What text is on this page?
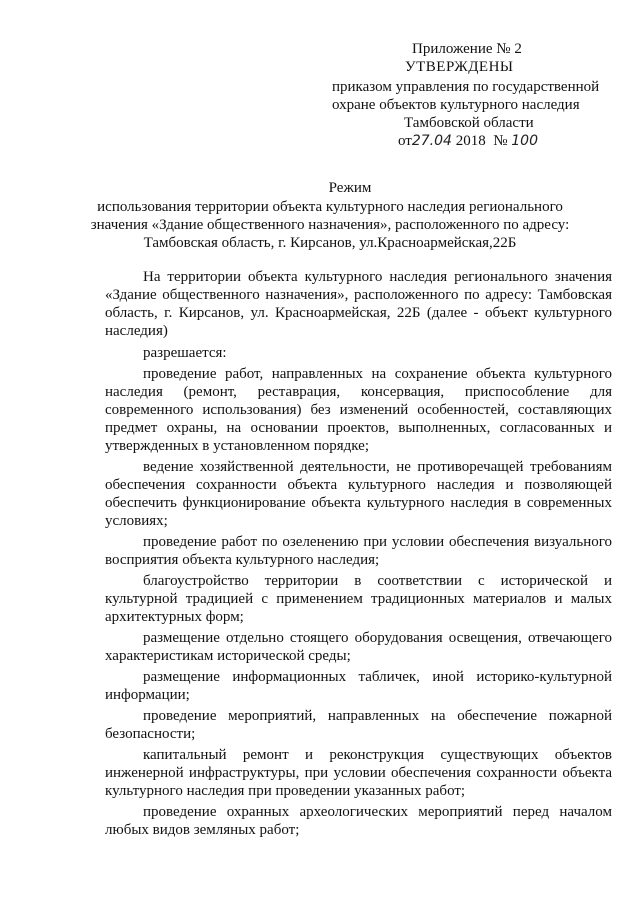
Приложение № 2
УТВЕРЖДЕНЫ
приказом управления по государственной
охране объектов культурного наследия
Тамбовской области
от27.04 2018 № 100
Режим
использования территории объекта культурного наследия регионального
значения «Здание общественного назначения», расположенного по адресу:
Тамбовская область, г. Кирсанов, ул.Красноармейская,22Б
На территории объекта культурного наследия регионального значения
«Здание общественного назначения», расположенного по адресу: Тамбовская
область, г. Кирсанов, ул. Красноармейская, 22Б (далее - объект культурного
наследия)
разрешается:
проведение работ, направленных на сохранение объекта культурного
наследия (ремонт, реставрация, консервация, приспособление для
современного использования) без изменений особенностей, составляющих
предмет охраны, на основании проектов, выполненных, согласованных и
утвержденных в установленном порядке;
ведение хозяйственной деятельности, не противоречащей требованиям
обеспечения сохранности объекта культурного наследия и позволяющей
обеспечить функционирование объекта культурного наследия в современных
условиях;
проведение работ по озеленению при условии обеспечения визуального
восприятия объекта культурного наследия;
благоустройство территории в соответствии с исторической и
культурной традицией с применением традиционных материалов и малых
архитектурных форм;
размещение отдельно стоящего оборудования освещения, отвечающего
характеристикам исторической среды;
размещение информационных табличек, иной историко-культурной
информации;
проведение мероприятий, направленных на обеспечение пожарной
безопасности;
капитальный ремонт и реконструкция существующих объектов
инженерной инфраструктуры, при условии обеспечения сохранности объекта
культурного наследия при проведении указанных работ;
проведение охранных археологических мероприятий перед началом
любых видов земляных работ;
